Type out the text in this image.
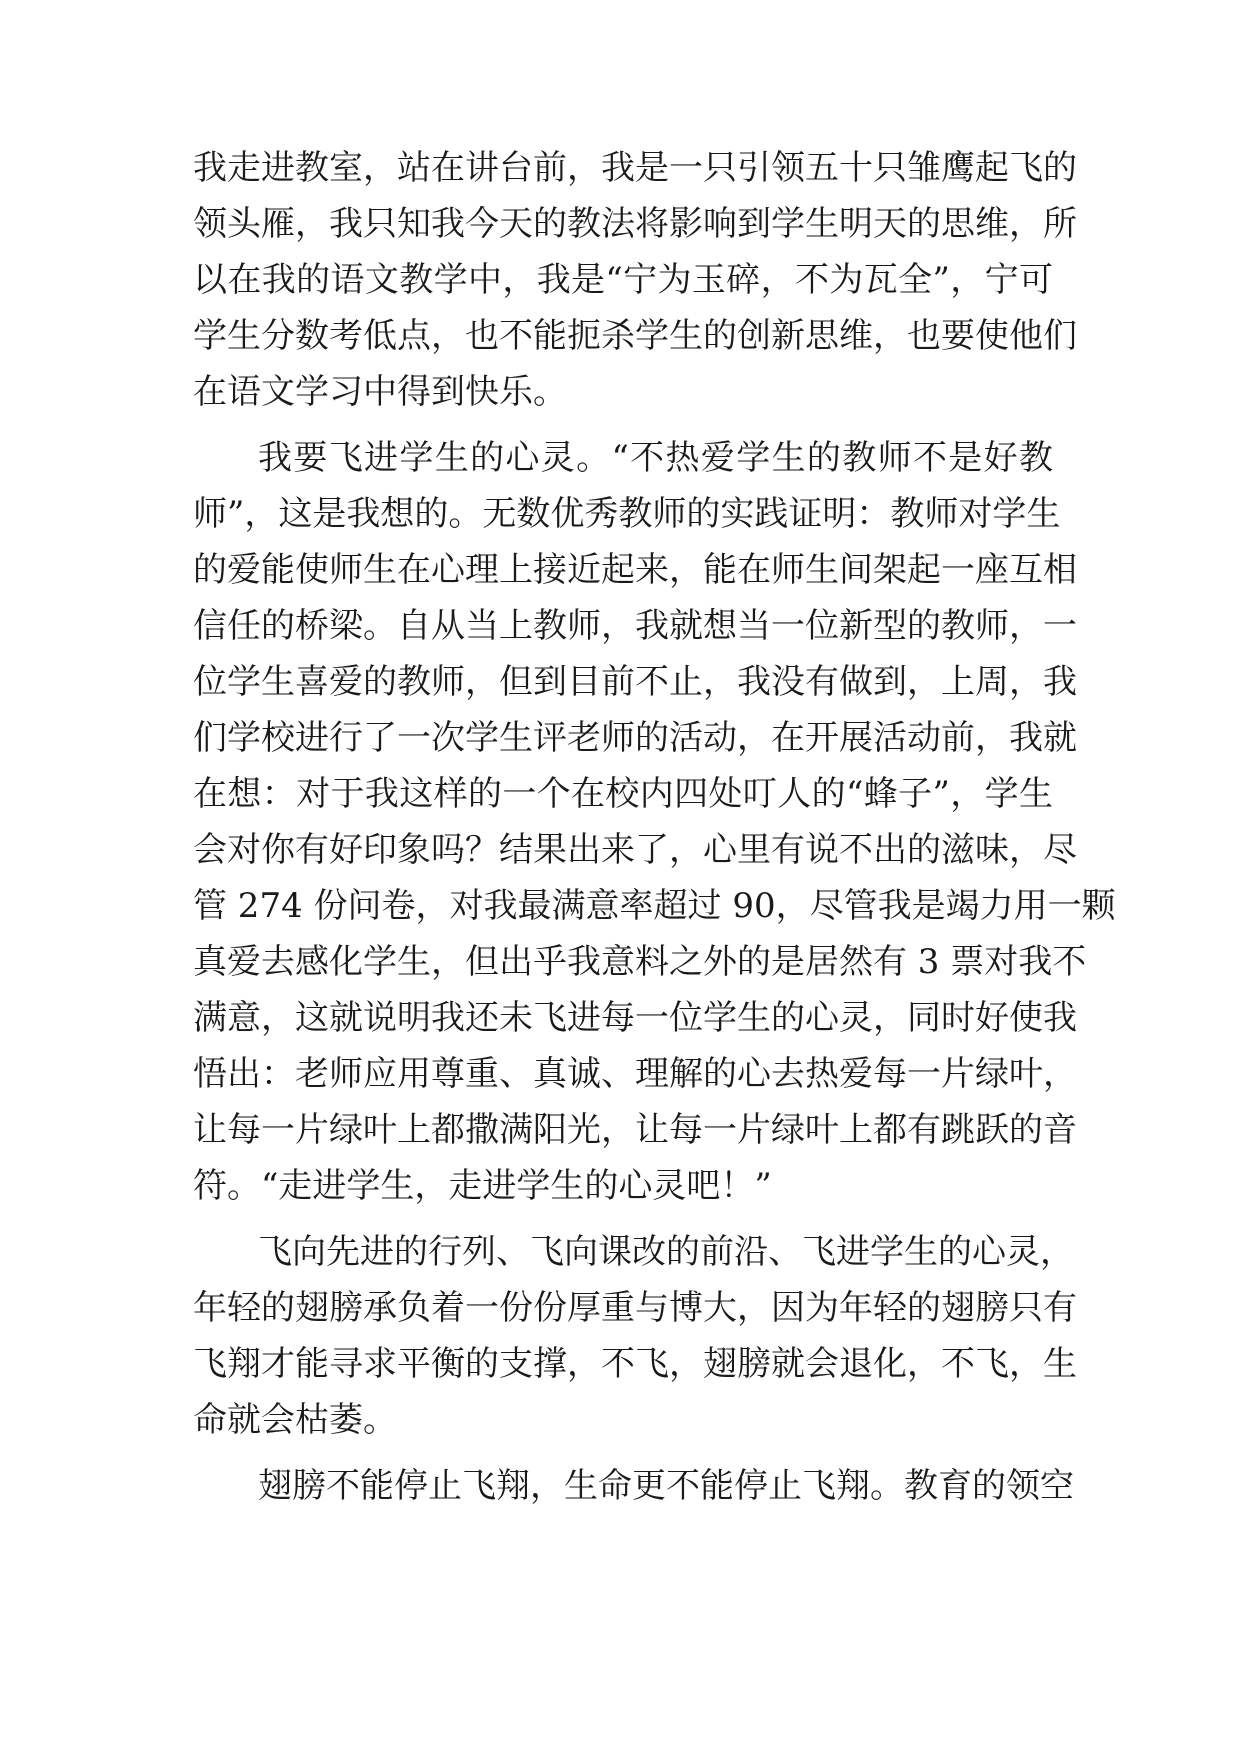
我走进教室，站在讲台前，我是一只引领五十只雏鹰起飞的
领头雁，我只知我今天的教法将影响到学生明天的思维，所
以在我的语文教学中，我是“宁为玉碎，不为瓦全”，宁可
学生分数考低点，也不能扼杀学生的创新思维，也要使他们
在语文学习中得到快乐。
我要飞进学生的心灵。“不热爱学生的教师不是好教
师”，这是我想的。无数优秀教师的实践证明：教师对学生
的爱能使师生在心理上接近起来，能在师生间架起一座互相
信任的桥梁。自从当上教师，我就想当一位新型的教师，一
位学生喜爱的教师，但到目前不止，我没有做到，上周，我
们学校进行了一次学生评老师的活动，在开展活动前，我就
在想：对于我这样的一个在校内四处叮人的“蜂子”，学生
会对你有好印象吗？结果出来了，心里有说不出的滋味，尽
管 274 份问卷，对我最满意率超过 90，尽管我是竭力用一颗
真爱去感化学生，但出乎我意料之外的是居然有 3 票对我不
满意，这就说明我还未飞进每一位学生的心灵，同时好使我
悟出：老师应用尊重、真诚、理解的心去热爱每一片绿叶，
让每一片绿叶上都撒满阳光，让每一片绿叶上都有跳跃的音
符。“走进学生，走进学生的心灵吧！”
飞向先进的行列、飞向课改的前沿、飞进学生的心灵，
年轻的翅膀承负着一份份厚重与博大，因为年轻的翅膀只有
飞翔才能寻求平衡的支撑，不飞，翅膀就会退化，不飞，生
命就会枯萎。
翅膀不能停止飞翔，生命更不能停止飞翔。教育的领空
